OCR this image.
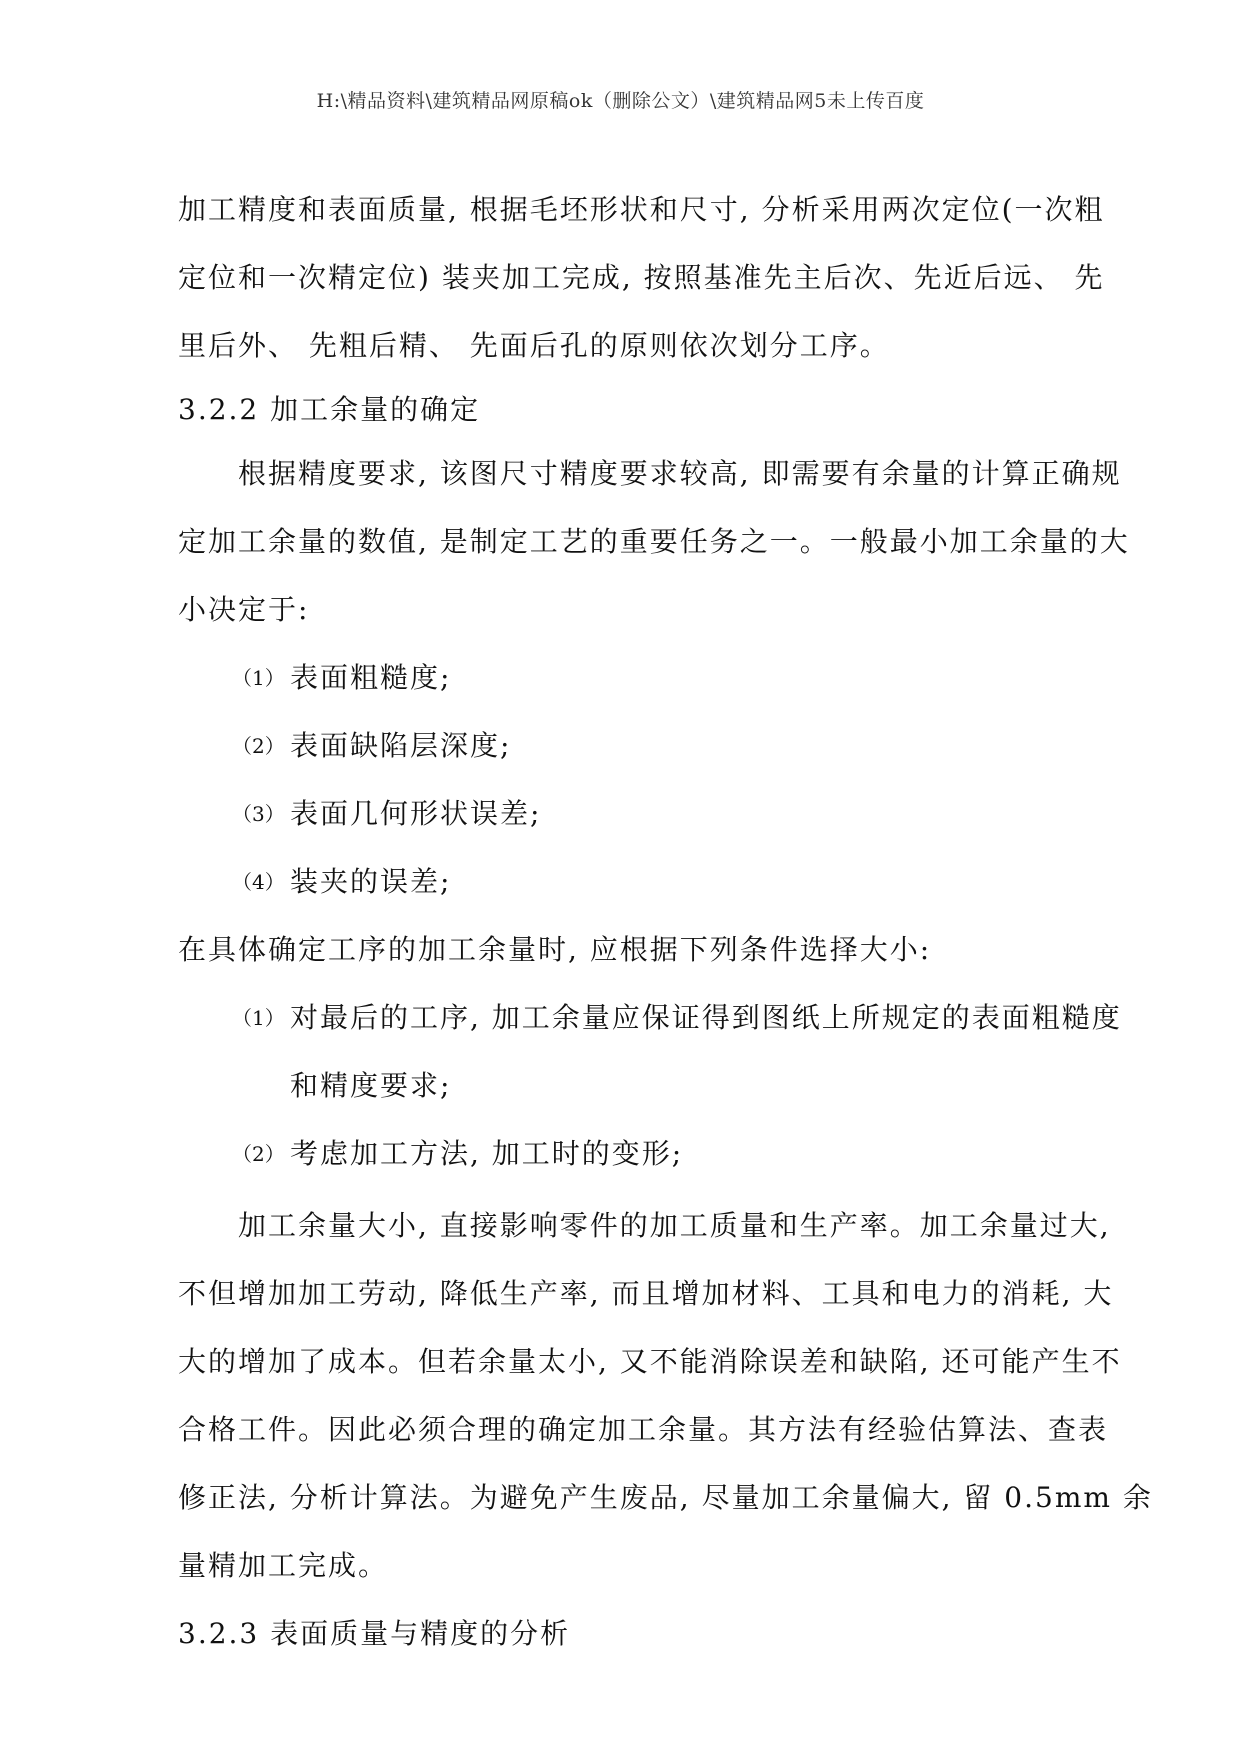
H:\精品资料\建筑精品网原稿ok（删除公文）\建筑精品网5未上传百度
加工精度和表面质量, 根据毛坯形状和尺寸, 分析采用两次定位(一次粗
定位和一次精定位) 装夹加工完成, 按照基准先主后次、先近后远、 先
里后外、 先粗后精、 先面后孔的原则依次划分工序。
3.2.2 加工余量的确定
根据精度要求, 该图尺寸精度要求较高, 即需要有余量的计算正确规
定加工余量的数值, 是制定工艺的重要任务之一。一般最小加工余量的大
小决定于:
（1） 表面粗糙度;
（2） 表面缺陷层深度;
（3） 表面几何形状误差;
（4） 装夹的误差;
在具体确定工序的加工余量时, 应根据下列条件选择大小:
（1） 对最后的工序, 加工余量应保证得到图纸上所规定的表面粗糙度
和精度要求;
（2） 考虑加工方法, 加工时的变形;
加工余量大小, 直接影响零件的加工质量和生产率。加工余量过大,
不但增加加工劳动, 降低生产率, 而且增加材料、工具和电力的消耗, 大
大的增加了成本。但若余量太小, 又不能消除误差和缺陷, 还可能产生不
合格工件。因此必须合理的确定加工余量。其方法有经验估算法、查表
修正法, 分析计算法。为避免产生废品, 尽量加工余量偏大, 留 0.5mm 余
量精加工完成。
3.2.3 表面质量与精度的分析
